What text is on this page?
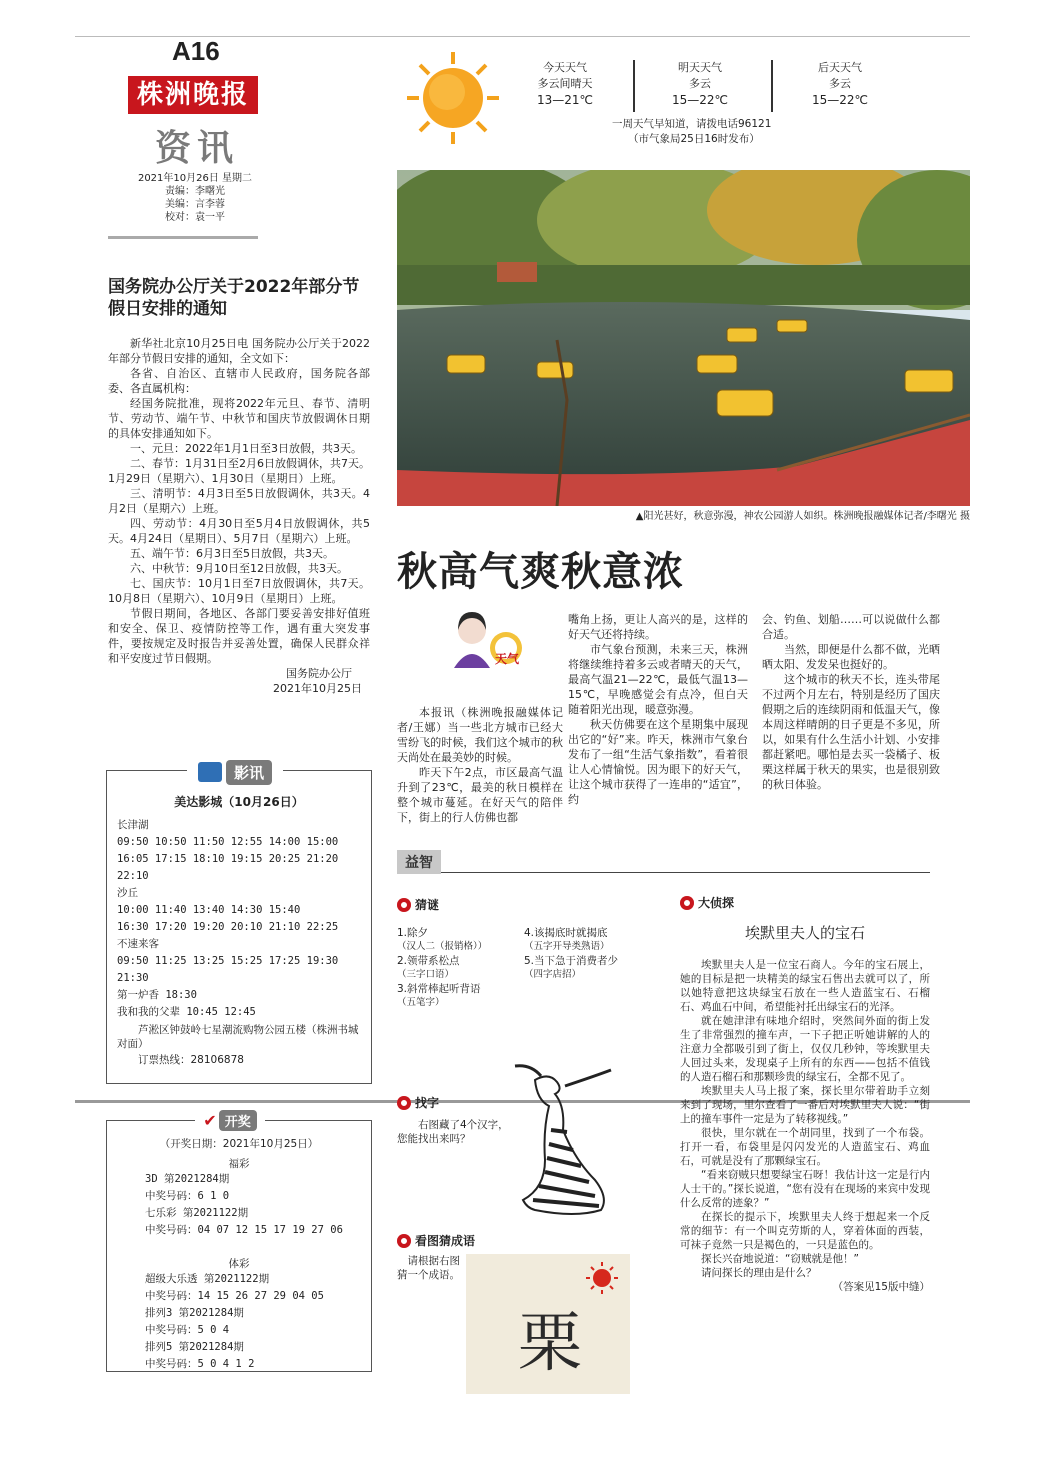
A16
株洲晚报
资讯
2021年10月26日 星期二
责编：李曙光
美编：言李蓉
校对：袁一平
今天天气
多云间晴天
13—21℃
明天天气
多云
15—22℃
后天天气
多云
15—22℃
一周天气早知道，请拨电话96121
（市气象局25日16时发布）
▲阳光甚好，秋意弥漫，神农公园游人如织。株洲晚报融媒体记者/李曙光 摄
秋高气爽秋意浓
天气

本报讯（株洲晚报融媒体记者/王娜）当一些北方城市已经大雪纷飞的时候，我们这个城市的秋天尚处在最美妙的时候。

昨天下午2点，市区最高气温升到了23℃，最美的秋日模样在整个城市蔓延。在好天气的陪伴下，街上的行人仿佛也都

嘴角上扬，更让人高兴的是，这样的好天气还将持续。

市气象台预测，未来三天，株洲将继续维持着多云或者晴天的天气，最高气温21—22℃，最低气温13—15℃，早晚感觉会有点冷，但白天随着阳光出现，暖意弥漫。

秋天仿佛要在这个星期集中展现出它的“好”来。昨天，株洲市气象台发布了一组“生活气象指数”，看着很让人心情愉悦。因为眼下的好天气，让这个城市获得了一连串的“适宜”，约

会、钓鱼、划船……可以说做什么都合适。

当然，即便是什么都不做，光晒晒太阳、发发呆也挺好的。

这个城市的秋天不长，连头带尾不过两个月左右，特别是经历了国庆假期之后的连续阴雨和低温天气，像本周这样晴朗的日子更是不多见，所以，如果有什么生活小计划、小安排都赶紧吧。哪怕是去买一袋橘子、板栗这样属于秋天的果实，也是很别致的秋日体验。

国务院办公厅关于2022年部分节假日安排的通知

新华社北京10月25日电 国务院办公厅关于2022年部分节假日安排的通知，全文如下：

各省、自治区、直辖市人民政府，国务院各部委、各直属机构：

经国务院批准，现将2022年元旦、春节、清明节、劳动节、端午节、中秋节和国庆节放假调休日期的具体安排通知如下。

一、元旦：2022年1月1日至3日放假，共3天。

二、春节：1月31日至2月6日放假调休，共7天。1月29日（星期六）、1月30日（星期日）上班。

三、清明节：4月3日至5日放假调休，共3天。4月2日（星期六）上班。

四、劳动节：4月30日至5月4日放假调休，共5天。4月24日（星期日）、5月7日（星期六）上班。

五、端午节：6月3日至5日放假，共3天。

六、中秋节：9月10日至12日放假，共3天。

七、国庆节：10月1日至7日放假调休，共7天。10月8日（星期六）、10月9日（星期日）上班。

节假日期间，各地区、各部门要妥善安排好值班和安全、保卫、疫情防控等工作，遇有重大突发事件，要按规定及时报告并妥善处置，确保人民群众祥和平安度过节日假期。

国务院办公厅
2021年10月25日
影讯
美达影城（10月26日）
长津湖
09:50 10:50 11:50 12:55 14:00 15:00
16:05 17:15 18:10 19:15 20:25 21:20
22:10
沙丘
10:00 11:40 13:40 14:30 15:40
16:30 17:20 19:20 20:10 21:10 22:25
不速来客
09:50 11:25 13:25 15:25 17:25 19:30
21:30
第一炉香 18:30
我和我的父辈 10:45 12:45
芦淞区钟鼓岭七星潮流购物公园五楼（株洲书城对面）
订票热线：28106878
✔ 开奖
（开奖日期：2021年10月25日）
福彩
3D 第2021284期
中奖号码：6 1 0
七乐彩 第2021122期
中奖号码：04 07 12 15 17 19 27 06
体彩
超级大乐透 第2021122期
中奖号码：14 15 26 27 29 04 05
排列3 第2021284期
中奖号码：5 0 4
排列5 第2021284期
中奖号码：5 0 4 1 2
益智
猜谜
1.除夕
（汉人二（报销格））
2.领带系松点
（三字口语）
3.斜常棒起听背语
（五笔字）
4.该揭底时就揭底
（五字开导类熟语）
5.当下急于消费者少
（四字店招）
找字
右图藏了4个汉字，您能找出来吗？
看图猜成语
请根据右图猜一个成语。
栗
大侦探
埃默里夫人的宝石

埃默里夫人是一位宝石商人。今年的宝石展上，她的目标是把一块精美的绿宝石售出去就可以了，所以她特意把这块绿宝石放在一些人造蓝宝石、石榴石、鸡血石中间，希望能衬托出绿宝石的光泽。

就在她津津有味地介绍时，突然间外面的街上发生了非常强烈的撞车声，一下子把正听她讲解的人的注意力全都吸引到了街上，仅仅几秒钟，等埃默里夫人回过头来，发现桌子上所有的东西——包括不值钱的人造石榴石和那颗珍贵的绿宝石，全都不见了。

埃默里夫人马上报了案，探长里尔带着助手立刻来到了现场，里尔查看了一番后对埃默里夫人说：“街上的撞车事件一定是为了转移视线。”

很快，里尔就在一个胡同里，找到了一个布袋。打开一看，布袋里是闪闪发光的人造蓝宝石、鸡血石，可就是没有了那颗绿宝石。

“看来窃贼只想要绿宝石呀！我估计这一定是行内人士干的。”探长说道，“您有没有在现场的来宾中发现什么反常的迹象？”

在探长的提示下，埃默里夫人终于想起来一个反常的细节：有一个叫克劳斯的人，穿着体面的西装，可袜子竟然一只是褐色的，一只是蓝色的。

探长兴奋地说道：“窃贼就是他！”

请问探长的理由是什么？

（答案见15版中缝）
